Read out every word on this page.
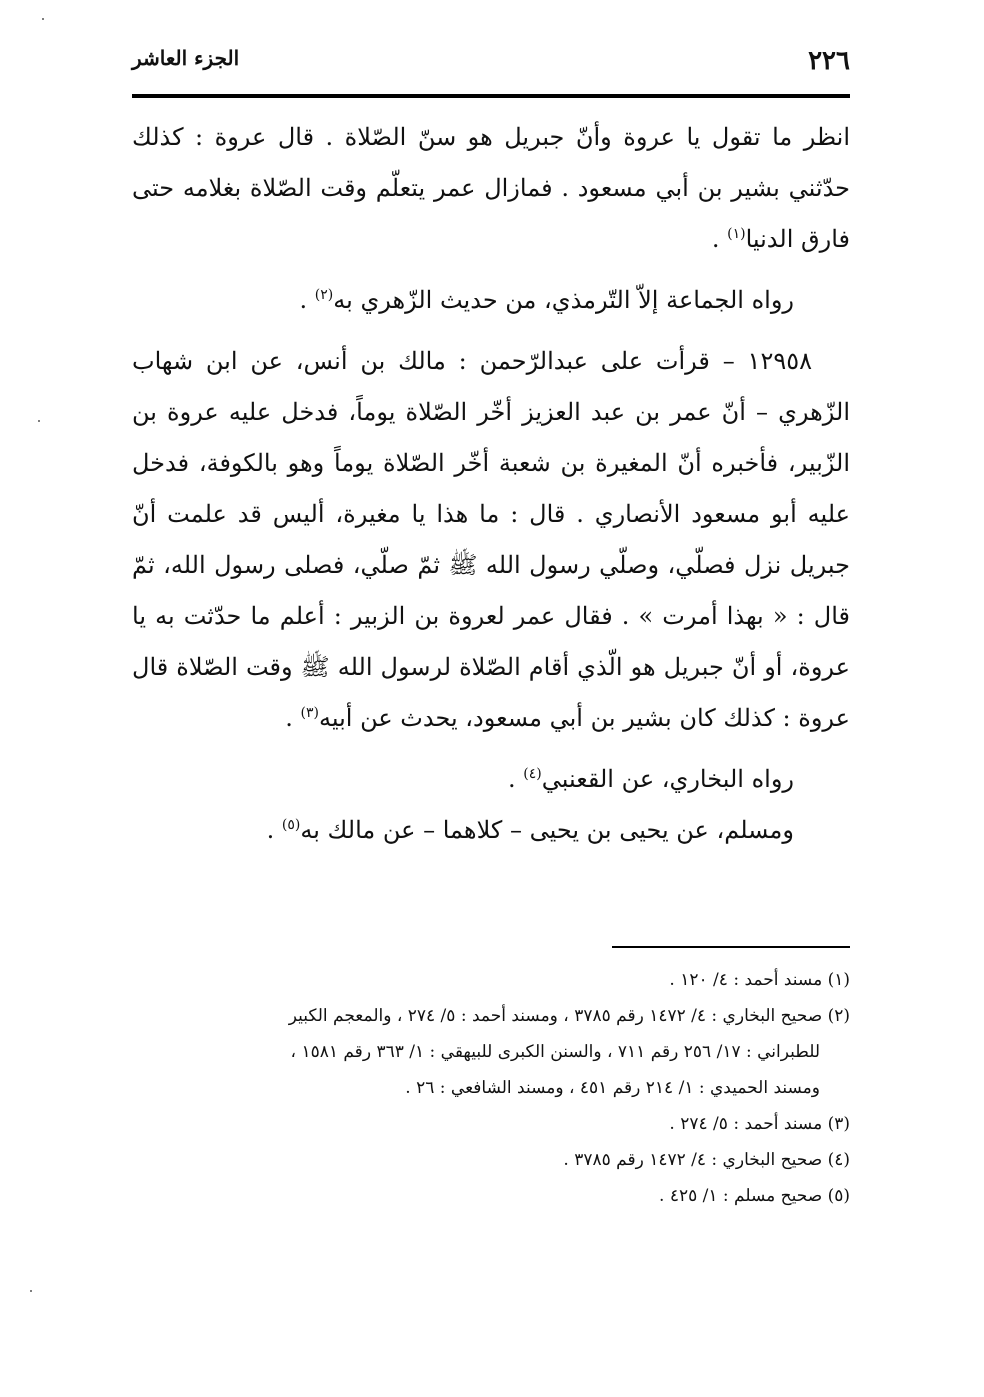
٢٢٦
الجزء العاشر

انظر ما تقول يا عروة وأنّ جبريل هو سنّ الصّلاة . قال عروة : كذلك حدّثني بشير بن أبي مسعود . فمازال عمر يتعلّم وقت الصّلاة بغلامه حتى فارق الدنيا$^{(١)}$ .

رواه الجماعة إلاّ التّرمذي، من حديث الزّهري به$^{(٢)}$ .

١٢٩٥٨ – قرأت على عبدالرّحمن : مالك بن أنس، عن ابن شهاب الزّهري – أنّ عمر بن عبد العزيز أخّر الصّلاة يوماً، فدخل عليه عروة بن الزّبير، فأخبره أنّ المغيرة بن شعبة أخّر الصّلاة يوماً وهو بالكوفة، فدخل عليه أبو مسعود الأنصاري . قال : ما هذا يا مغيرة، أليس قد علمت أنّ جبريل نزل فصلّي، وصلّي رسول الله ﷺ ثمّ صلّي، فصلى رسول الله، ثمّ قال : « بهذا أمرت » . فقال عمر لعروة بن الزبير : أعلم ما حدّثت به يا عروة، أو أنّ جبريل هو الّذي أقام الصّلاة لرسول الله ﷺ وقت الصّلاة قال عروة : كذلك كان بشير بن أبي مسعود، يحدث عن أبيه$^{(٣)}$ .

رواه البخاري، عن القعنبي$^{(٤)}$ .

ومسلم، عن يحيى بن يحيى – كلاهما – عن مالك به$^{(٥)}$ .

(١) مسند أحمد : ٤/ ١٢٠ .

(٢) صحيح البخاري : ٤/ ١٤٧٢ رقم ٣٧٨٥ ، ومسند أحمد : ٥/ ٢٧٤ ، والمعجم الكبير

للطبراني : ١٧/ ٢٥٦ رقم ٧١١ ، والسنن الكبرى للبيهقي : ١/ ٣٦٣ رقم ١٥٨١ ،

ومسند الحميدي : ١/ ٢١٤ رقم ٤٥١ ، ومسند الشافعي : ٢٦ .

(٣) مسند أحمد : ٥/ ٢٧٤ .

(٤) صحيح البخاري : ٤/ ١٤٧٢ رقم ٣٧٨٥ .

(٥) صحيح مسلم : ١/ ٤٢٥ .
